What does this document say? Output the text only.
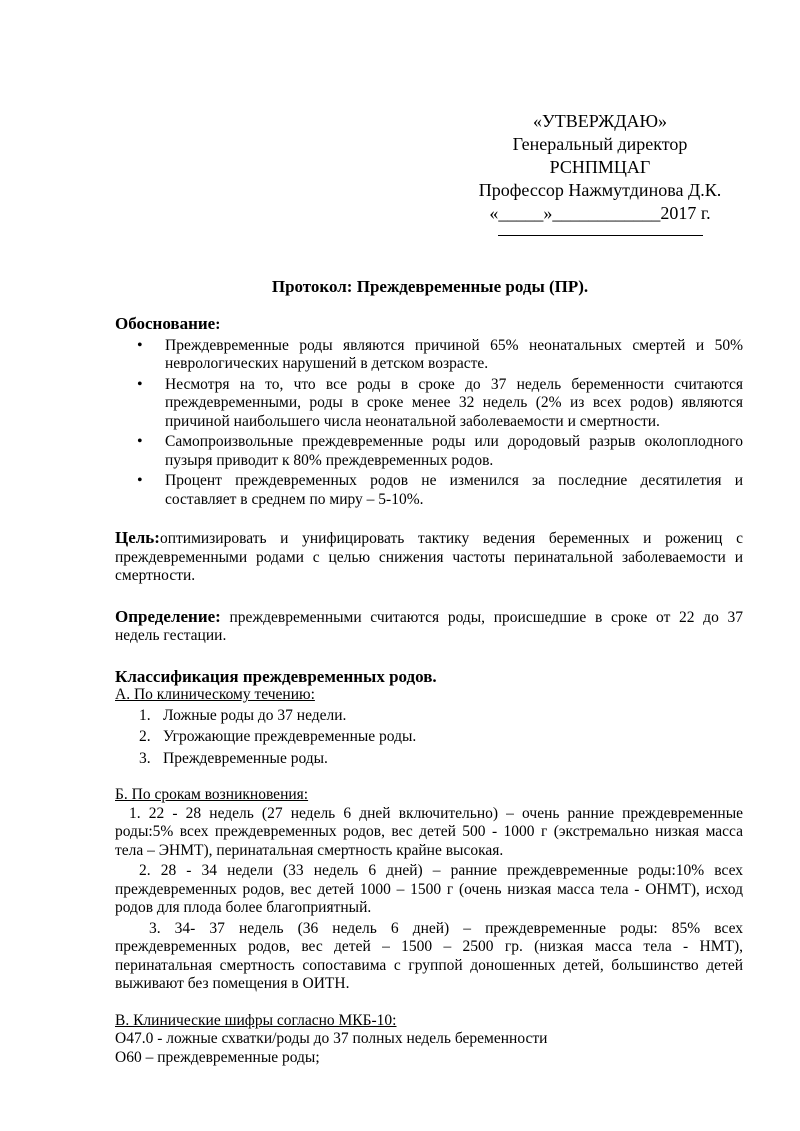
«УТВЕРЖДАЮ»
Генеральный директор
РСНПМЦАГ
Профессор Нажмутдинова Д.К.
«_____»____________2017 г.
Протокол: Преждевременные роды (ПР).
Обоснование:
• Преждевременные роды являются причиной 65% неонатальных смертей и 50% неврологических нарушений в детском возрасте.
• Несмотря на то, что все роды в сроке до 37 недель беременности считаются преждевременными, роды в сроке менее 32 недель (2% из всех родов) являются причиной наибольшего числа неонатальной заболеваемости и смертности.
• Самопроизвольные преждевременные роды или дородовый разрыв околоплодного пузыря приводит к 80% преждевременных родов.
• Процент преждевременных родов не изменился за последние десятилетия и составляет в среднем по миру – 5-10%.

Цель:оптимизировать и унифицировать тактику ведения беременных и рожениц с преждевременными родами с целью снижения частоты перинатальной заболеваемости и смертности.

Определение: преждевременными считаются роды, происшедшие в сроке от 22 до 37 недель гестации.

Классификация преждевременных родов.
А. По клиническому течению:
1. Ложные роды до 37 недели.
2. Угрожающие преждевременные роды.
3. Преждевременные роды.
Б. По срокам возникновения:

1. 22 - 28 недель (27 недель 6 дней включительно) – очень ранние преждевременные роды:5% всех преждевременных родов, вес детей 500 - 1000 г (экстремально низкая масса тела – ЭНМТ), перинатальная смертность крайне высокая.

2. 28 - 34 недели (33 недель 6 дней) – ранние преждевременные роды:10% всех преждевременных родов, вес детей 1000 – 1500 г (очень низкая масса тела - ОНМТ), исход родов для плода более благоприятный.

3. 34- 37 недель (36 недель 6 дней) – преждевременные роды: 85% всех преждевременных родов, вес детей – 1500 – 2500 гр. (низкая масса тела - НМТ), перинатальная смертность сопоставима с группой доношенных детей, большинство детей выживают без помещения в ОИТН.

В. Клинические шифры согласно МКБ-10:
О47.0 - ложные схватки/роды до 37 полных недель беременности
О60 – преждевременные роды;
